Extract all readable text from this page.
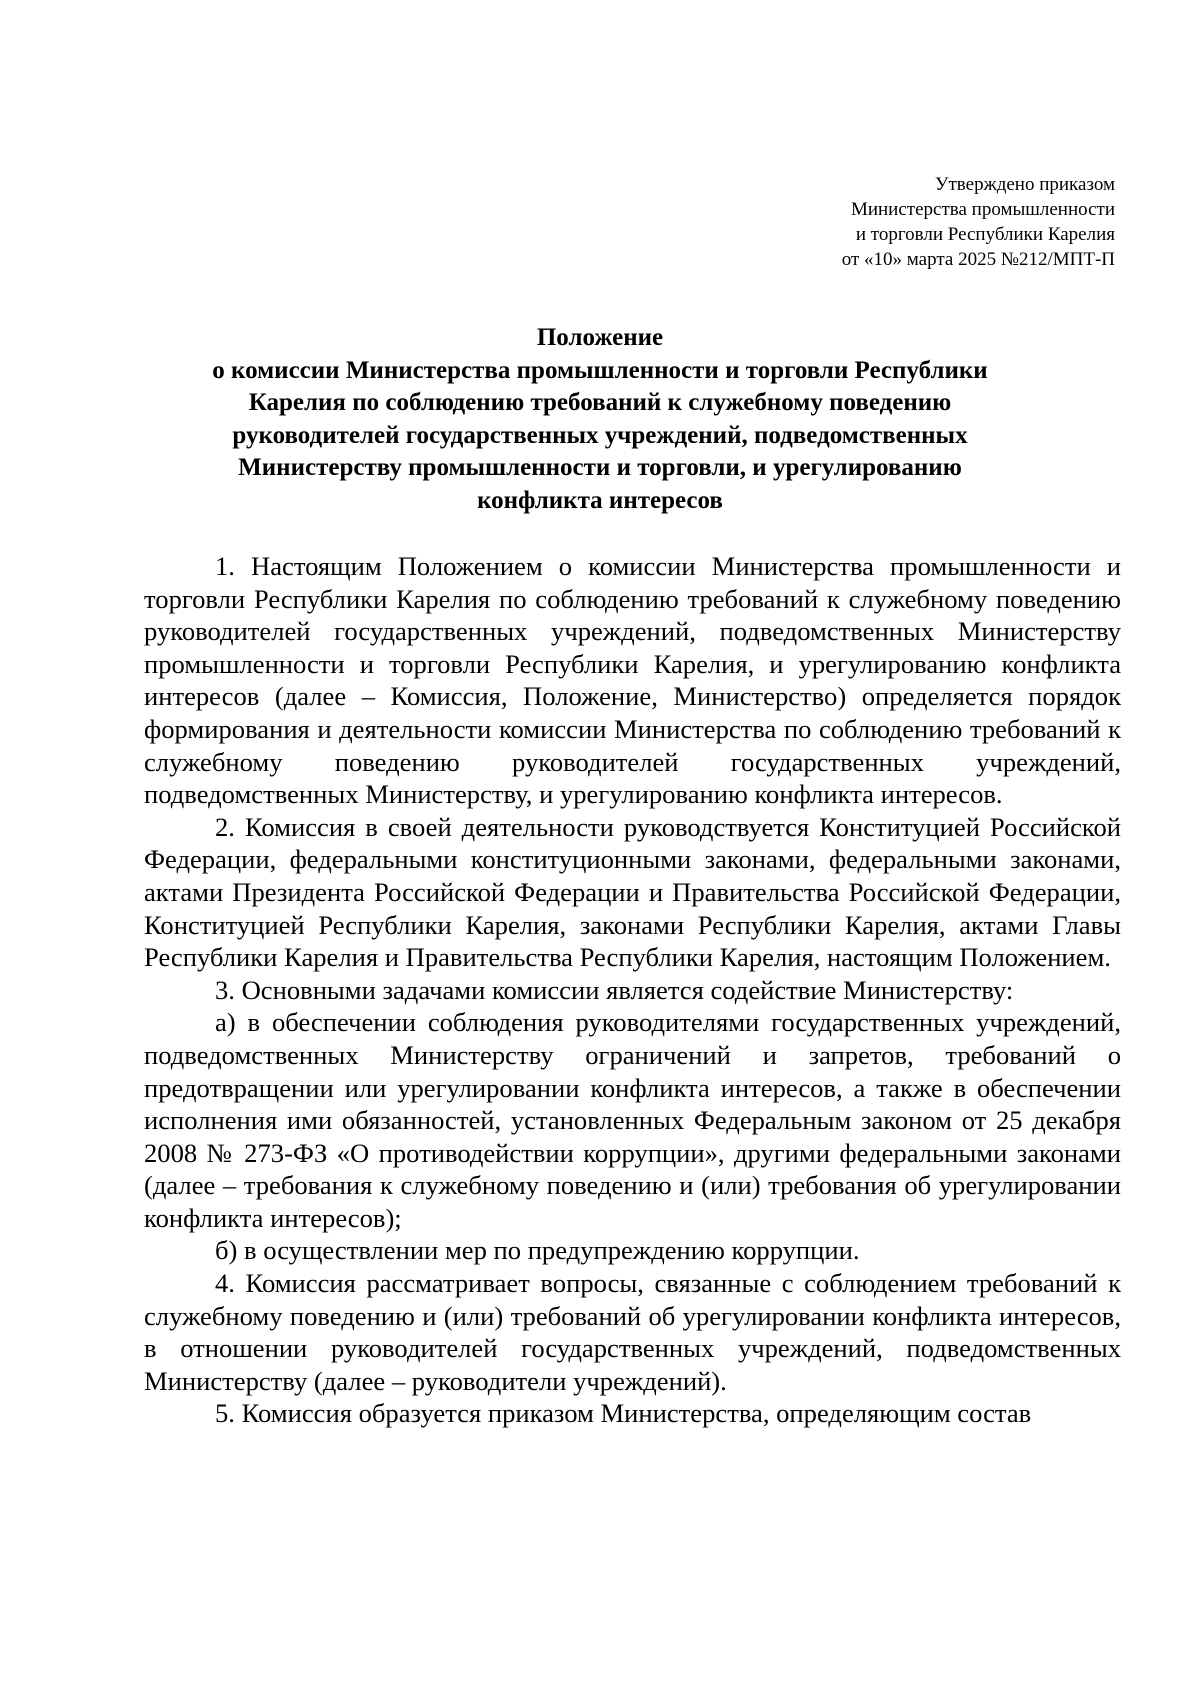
Утверждено приказом
Министерства промышленности
и торговли Республики Карелия
от «10» марта 2025 №212/МПТ-П
Положение
о комиссии Министерства промышленности и торговли Республики
Карелия по соблюдению требований к служебному поведению
руководителей государственных учреждений, подведомственных
Министерству промышленности и торговли, и урегулированию
конфликта интересов

1. Настоящим Положением о комиссии Министерства промышленности и торговли Республики Карелия по соблюдению требований к служебному поведению руководителей государственных учреждений, подведомственных Министерству промышленности и торговли Республики Карелия, и урегулированию конфликта интересов (далее – Комиссия, Положение, Министерство) определяется порядок формирования и деятельности комиссии Министерства по соблюдению требований к служебному поведению руководителей государственных учреждений, подведомственных Министерству, и урегулированию конфликта интересов.

2. Комиссия в своей деятельности руководствуется Конституцией Российской Федерации, федеральными конституционными законами, федеральными законами, актами Президента Российской Федерации и Правительства Российской Федерации, Конституцией Республики Карелия, законами Республики Карелия, актами Главы Республики Карелия и Правительства Республики Карелия, настоящим Положением.

3. Основными задачами комиссии является содействие Министерству:

а) в обеспечении соблюдения руководителями государственных учреждений, подведомственных Министерству ограничений и запретов, требований о предотвращении или урегулировании конфликта интересов, а также в обеспечении исполнения ими обязанностей, установленных Федеральным законом от 25 декабря 2008 № 273-ФЗ «О противодействии коррупции», другими федеральными законами (далее – требования к служебному поведению и (или) требования об урегулировании конфликта интересов);

б) в осуществлении мер по предупреждению коррупции.

4. Комиссия рассматривает вопросы, связанные с соблюдением требований к служебному поведению и (или) требований об урегулировании конфликта интересов, в отношении руководителей государственных учреждений, подведомственных Министерству (далее – руководители учреждений).

5. Комиссия образуется приказом Министерства, определяющим состав
